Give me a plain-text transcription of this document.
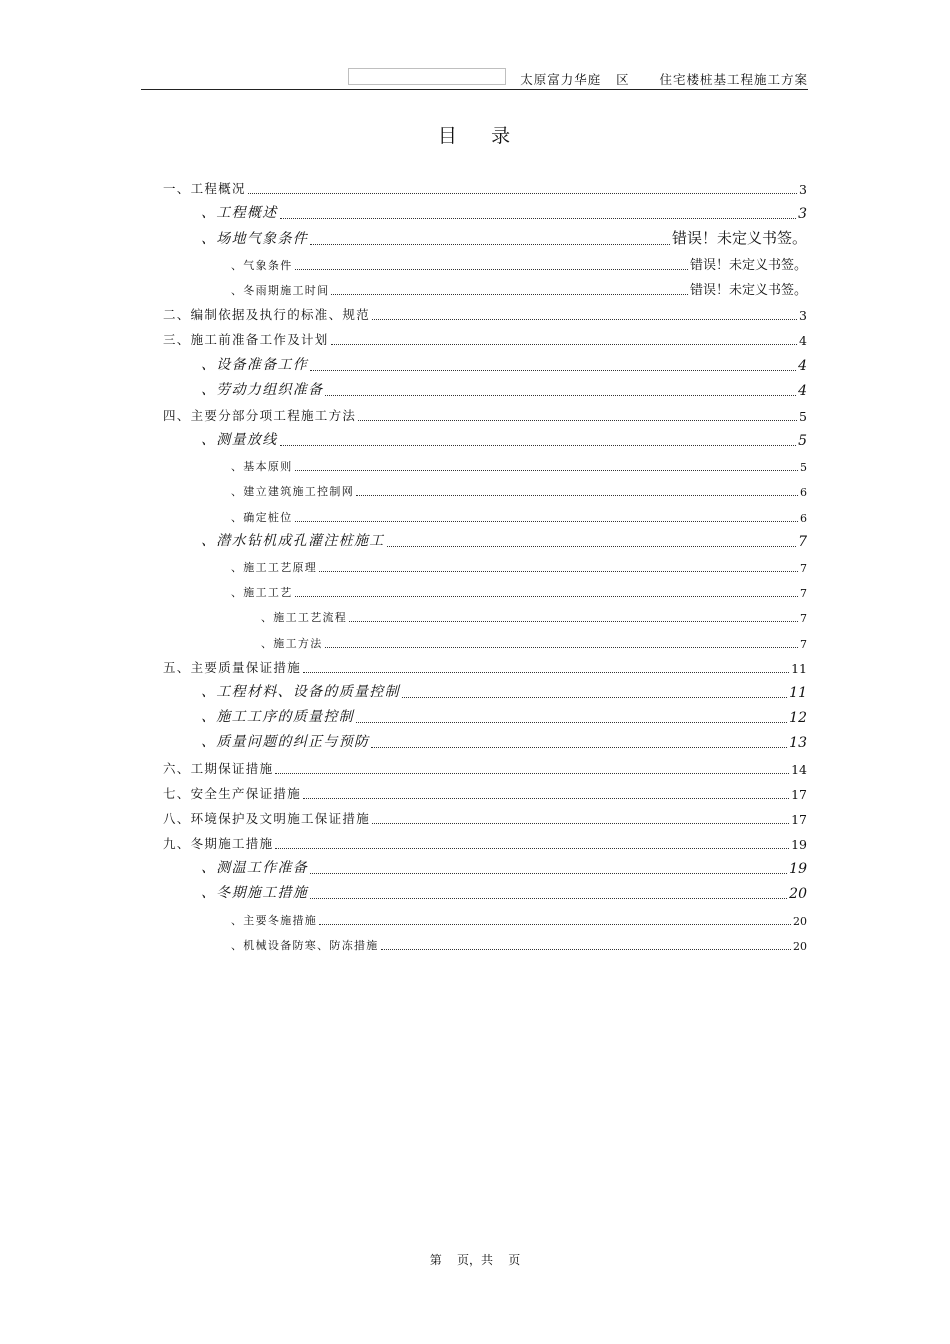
太原富力华庭   区      住宅楼桩基工程施工方案
目    录
一、工程概况	3
、工程概述	3
、场地气象条件	错误！未定义书签。
、气象条件	错误！未定义书签。
、冬雨期施工时间	错误！未定义书签。
二、编制依据及执行的标准、规范	3
三、施工前准备工作及计划	4
、设备准备工作	4
、劳动力组织准备	4
四、主要分部分项工程施工方法	5
、测量放线	5
、基本原则	5
、建立建筑施工控制网	6
、确定桩位	6
、潜水钻机成孔灌注桩施工	7
、施工工艺原理	7
、施工工艺	7
、施工工艺流程	7
、施工方法	7
五、主要质量保证措施	11
、工程材料、设备的质量控制	11
、施工工序的质量控制	12
、质量问题的纠正与预防	13
六、工期保证措施	14
七、安全生产保证措施	17
八、环境保护及文明施工保证措施	17
九、冬期施工措施	19
、测温工作准备	19
、冬期施工措施	20
、主要冬施措施	20
、机械设备防寒、防冻措施	20
第    页，共    页
